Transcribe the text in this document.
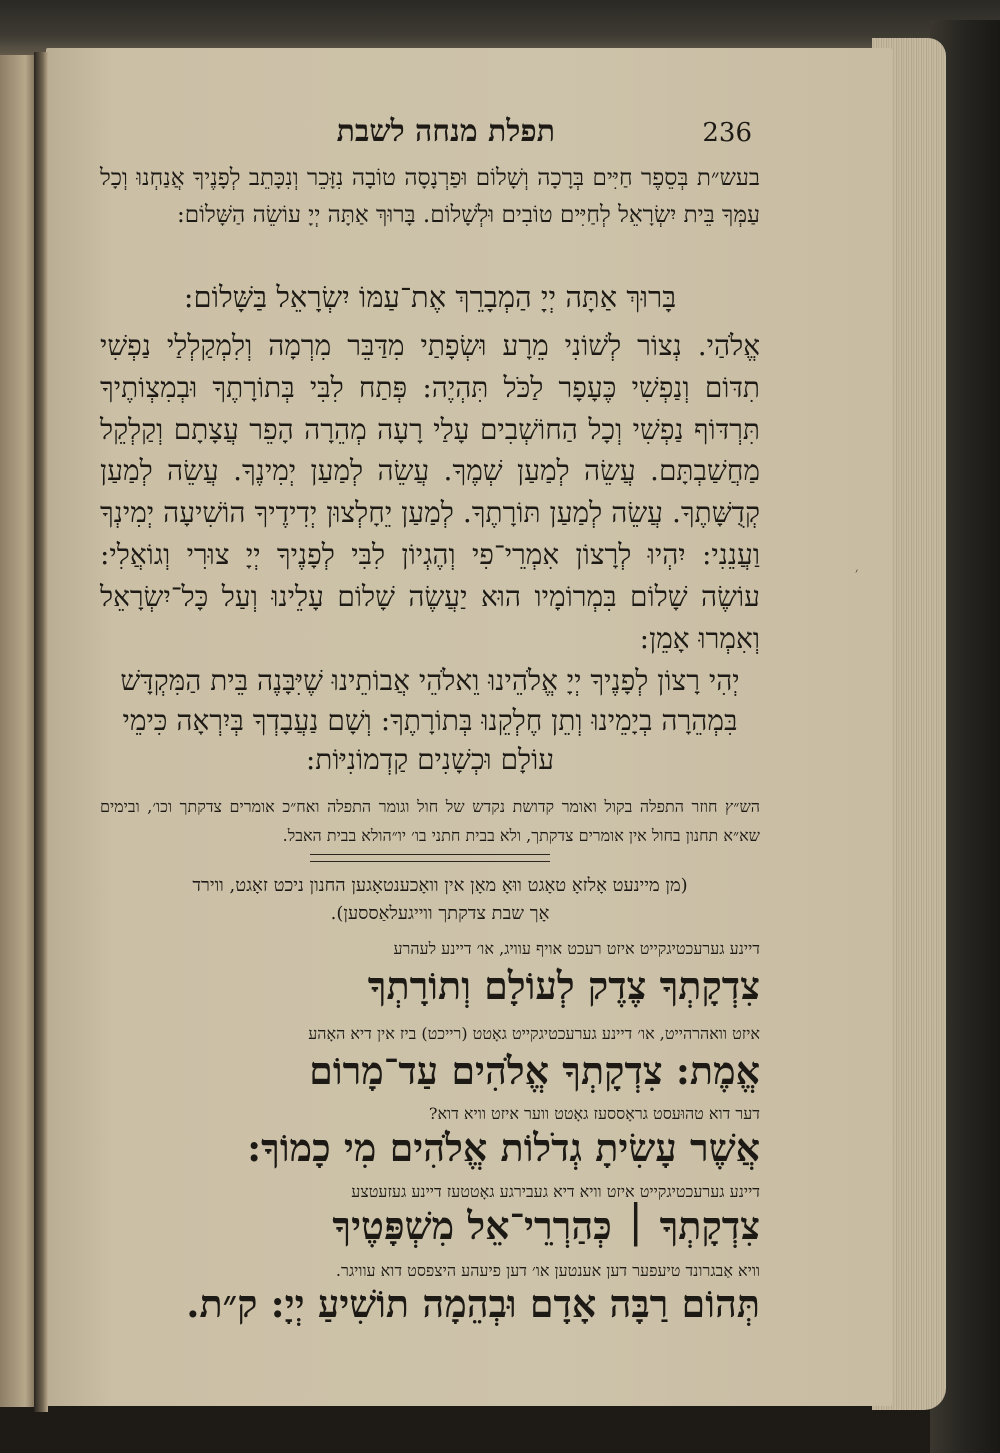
׳
תפלת מנחה לשבת	236
בעש״ת בְּסֵפֶר חַיִּים בְּרָכָה וְשָׁלוֹם וּפַרְנָסָה טוֹבָה נִזָּכֵר וְנִכָּתֵב לְפָנֶיךָ אֲנַחְנוּ וְכָל עַמְּךָ בֵּית יִשְׂרָאֵל לְחַיִּים טוֹבִים וּלְשָׁלוֹם. בָּרוּךְ אַתָּה יְיָ עוֹשֵׂה הַשָּׁלוֹם:
בָּרוּךְ אַתָּה יְיָ הַמְבָרֵךְ אֶת־עַמּוֹ יִשְׂרָאֵל בַּשָּׁלוֹם:
אֱלֹהַי. נְצוֹר לְשׁוֹנִי מֵרָע וּשְׂפָתַי מִדַּבֵּר מִרְמָה וְלִמְקַלְלַי נַפְשִׁי תִדּוֹם וְנַפְשִׁי כֶּעָפָר לַכֹּל תִּהְיֶה: פְּתַח לִבִּי בְּתוֹרָתֶךָ וּבְמִצְוֹתֶיךָ תִּרְדּוֹף נַפְשִׁי וְכָל הַחוֹשְׁבִים עָלַי רָעָה מְהֵרָה הָפֵר עֲצָתָם וְקַלְקֵל מַחֲשַׁבְתָּם. עֲשֵׂה לְמַעַן שְׁמֶךָ. עֲשֵׂה לְמַעַן יְמִינֶךָ. עֲשֵׂה לְמַעַן קְדֻשָּׁתֶךָ. עֲשֵׂה לְמַעַן תּוֹרָתֶךָ. לְמַעַן יֵחָלְצוּן יְדִידֶיךָ הוֹשִׁיעָה יְמִינְךָ וַעֲנֵנִי: יִהְיוּ לְרָצוֹן אִמְרֵי־פִי וְהֶגְיוֹן לִבִּי לְפָנֶיךָ יְיָ צוּרִי וְגוֹאֲלִי: עוֹשֶׂה שָׁלוֹם בִּמְרוֹמָיו הוּא יַעֲשֶׂה שָׁלוֹם עָלֵינוּ וְעַל כָּל־יִשְׂרָאֵל וְאִמְרוּ אָמֵן:
יְהִי רָצוֹן לְפָנֶיךָ יְיָ אֱלֹהֵינוּ וֵאלֹהֵי אֲבוֹתֵינוּ שֶׁיִּבָּנֶה בֵּית הַמִּקְדָּשׁ בִּמְהֵרָה בְיָמֵינוּ וְתֵן חֶלְקֵנוּ בְּתוֹרָתֶךָ: וְשָׁם נַעֲבָדְךָ בְּיִרְאָה כִּימֵי עוֹלָם וּכְשָׁנִים קַדְמוֹנִיּוֹת:
הש״ץ חוזר התפלה בקול ואומר קדושת נקדש של חול וגומר התפלה ואח״כ אומרים צדקתך וכו׳, ובימים שא״א תחנון בחול אין אומרים צדקתך, ולא בבית חתני בו׳ יו״הולא בבית האבל.
(מן מיינעט אָלזאָ טאָגט ווּאָ מאָן אין וואָכענטאָגען החנון ניכט זאָגט, ווירד אָך שבת צדקתך ווייגעלאַססען).
דיינע גערעכטיגקייט איזט רעכט אויף עוויג, או׳ דיינע לעהרע
צִדְקָתְךָ צֶדֶק לְעוֹלָם וְתוֹרָתְךָ
איזט וואהרהייט, או׳ דיינע גערעכטיגקייט גאָטט (רייכט) ביז אין דיא האָהע
אֱמֶת: צִדְקָתְךָ אֱלֹהִים עַד־מָרוֹם
דער דוא טהוּעסט גראָססעז גאָטט ווער איזט וויא דוא?
אֲשֶׁר עָשִׂיתָ גְדֹלוֹת אֱלֹהִים מִי כָמוֹךָ:
דיינע גערעכטיגקייט איזט וויא דיא געבירגע גאָטטעז דיינע געזעטצע
צִדְקָתְךָ ׀ כְּהַרְרֵי־אֵל מִשְׁפָּטֶיךָ
וויא אַבגרונד טיעפער דען אענטען או׳ דען פיעהע היצפסט דוא עוויגר.
תְּהוֹם רַבָּה אָדָם וּבְהֵמָה תוֹשִׁיעַ יְיָ: ק״ת.
